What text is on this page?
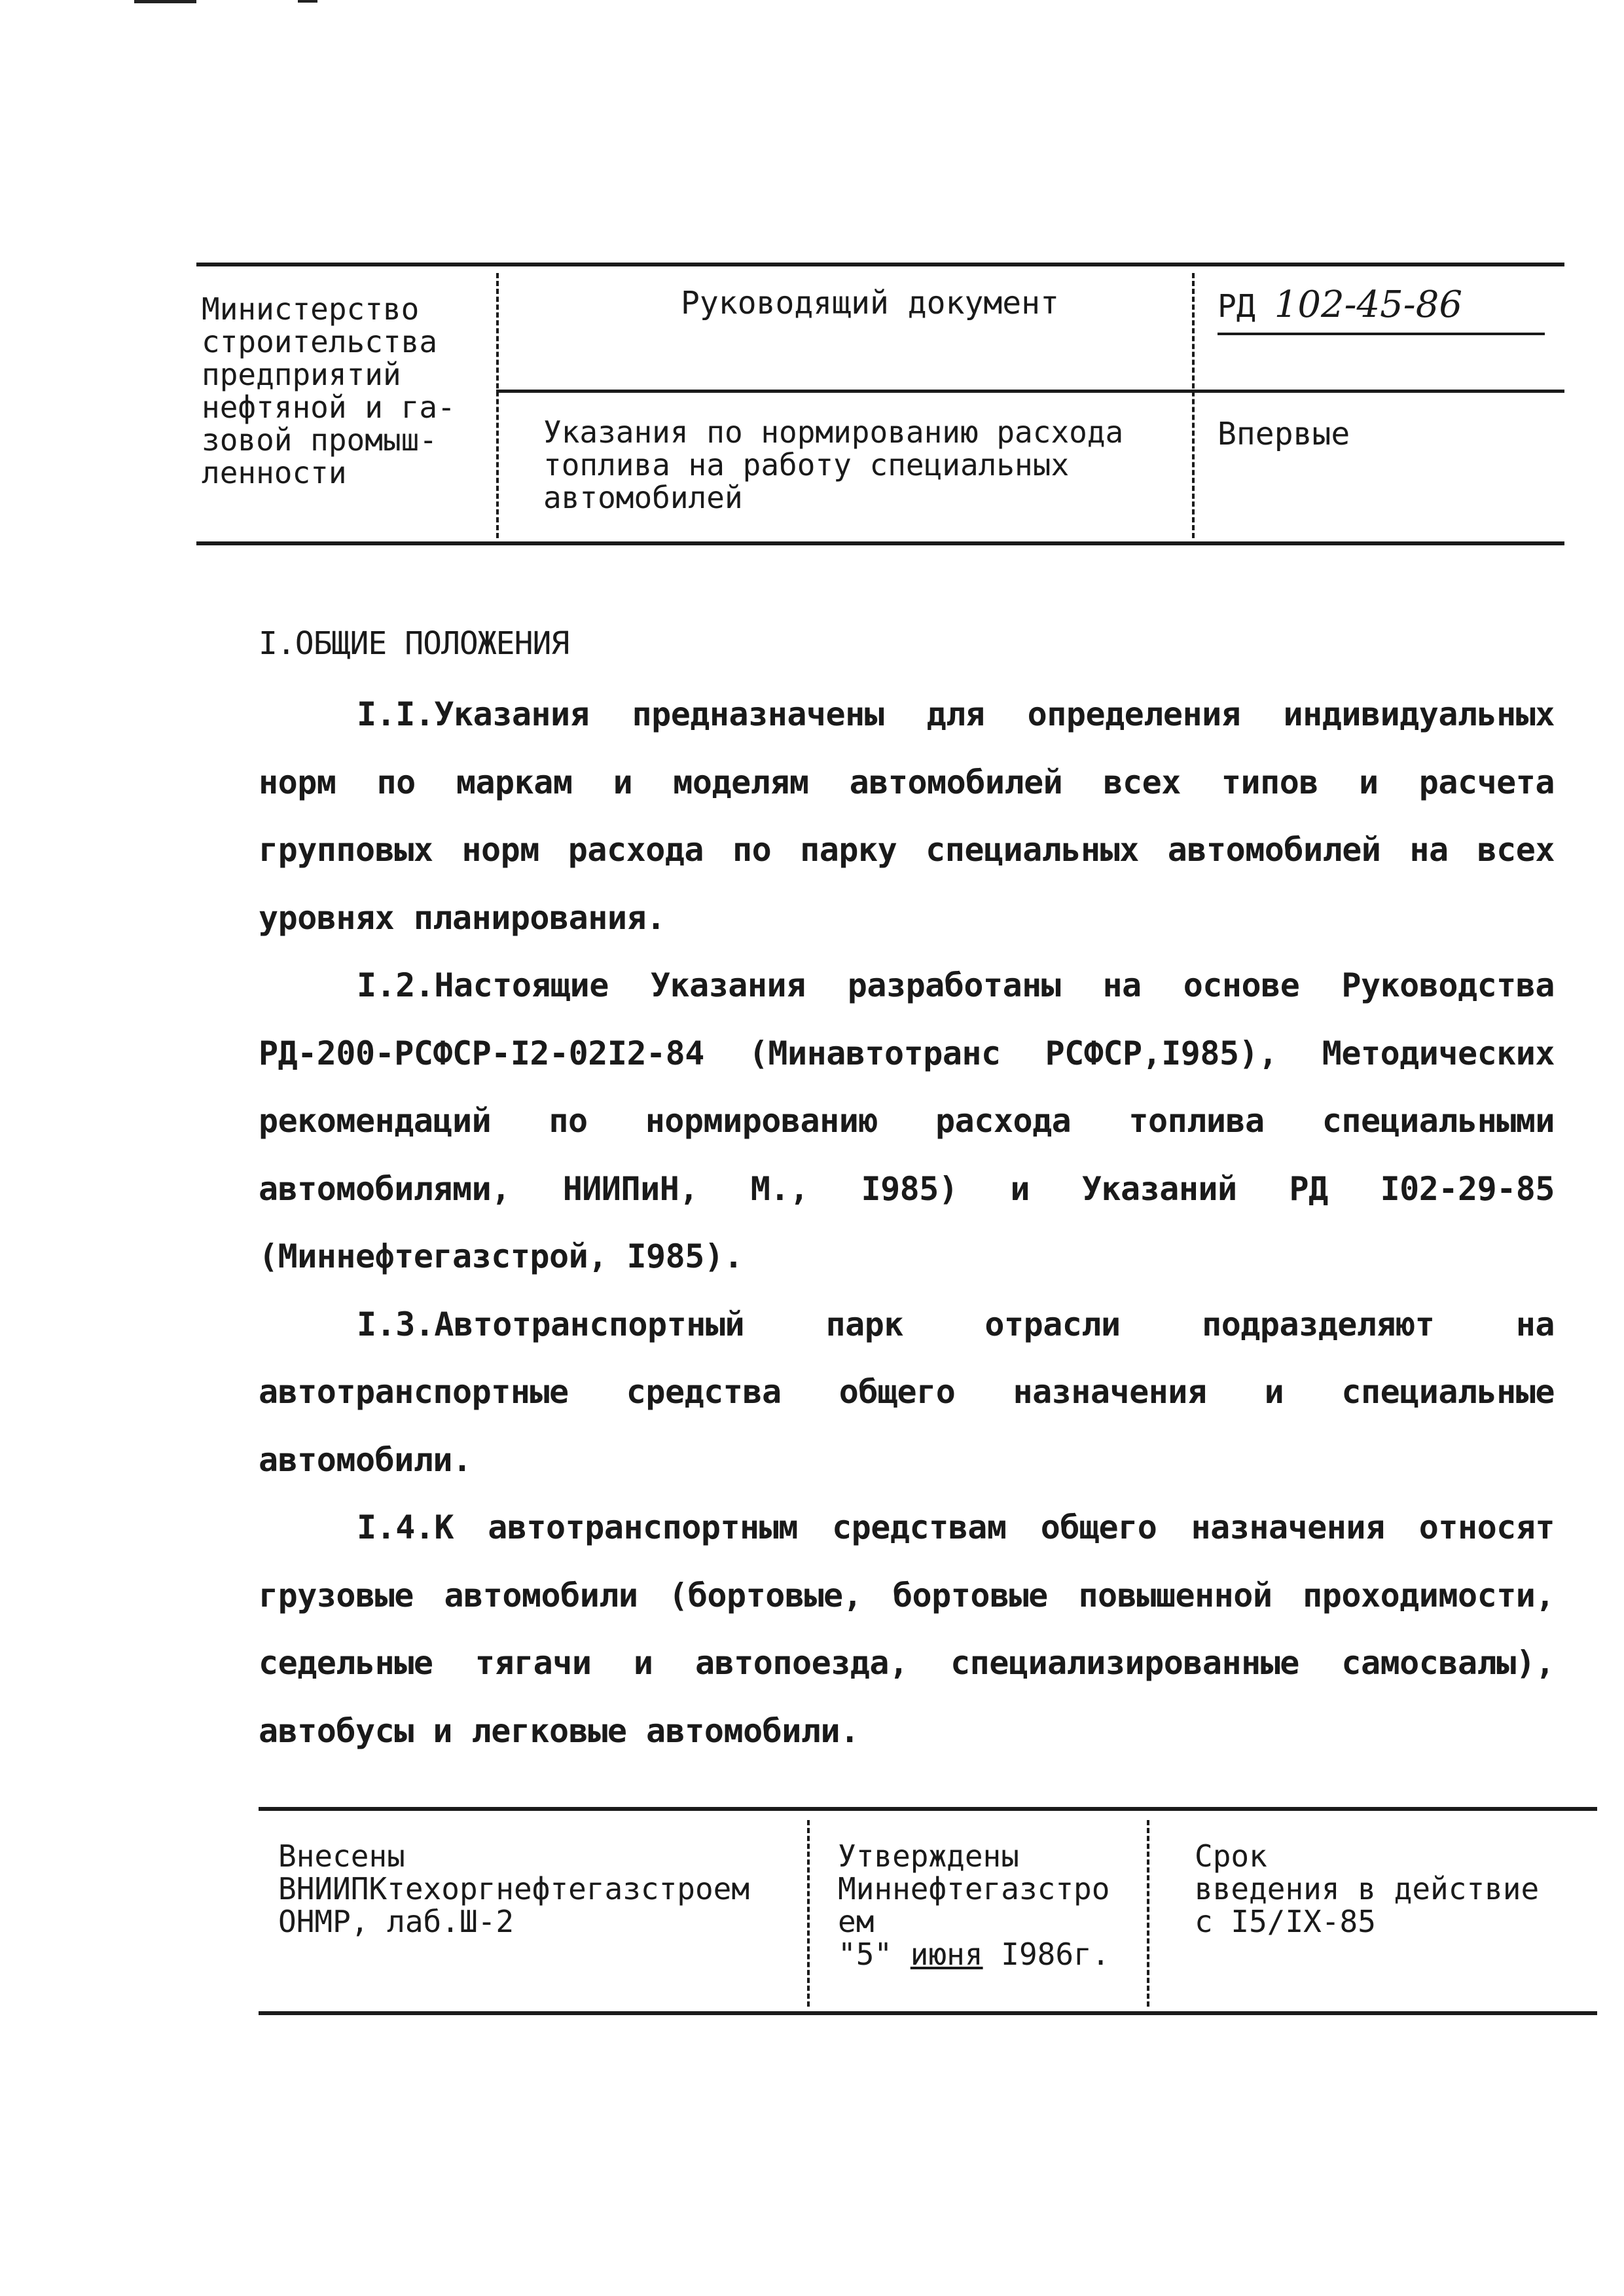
Министерство
строительства
предприятий
нефтяной и га-
зовой промыш-
ленности
Руководящий документ	РД 102-45-86
Указания по нормированию расхода
топлива на работу специальных
автомобилей
Впервые
I.ОБЩИЕ ПОЛОЖЕНИЯ

I.I.Указания предназначены для определения индивидуальных норм по маркам и моделям автомобилей всех типов и расчета групповых норм расхода по парку специальных автомобилей на всех уровнях планирования.

I.2.Настоящие Указания разработаны на основе Руководства РД-200-РСФСР-I2-02I2-84 (Минавтотранс РСФСР,I985), Методических рекомендаций по нормированию расхода топлива специальными автомобилями, НИИПиН, М., I985) и Указаний РД I02-29-85 (Миннефтегазстрой, I985).

I.3.Автотранспортный парк отрасли подразделяют на автотранспортные средства общего назначения и специальные автомобили.

I.4.К автотранспортным средствам общего назначения относят грузовые автомобили (бортовые, бортовые повышенной проходимости, седельные тягачи и автопоезда, специализированные самосвалы), автобусы и легковые автомобили.

Внесены
ВНИИПКтехоргнефтегазстроем
ОНМР, лаб.Ш-2
Утверждены
Миннефтегазстро
ем
"5" июня I986г.
Срок
введения в действие
с I5/IX-85
